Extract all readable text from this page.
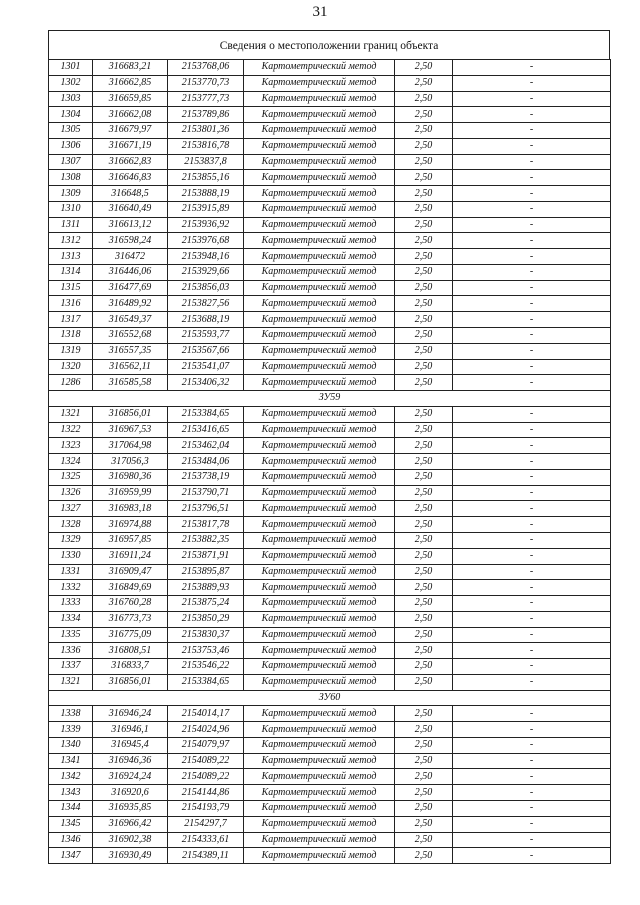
31
Сведения о местоположении границ объекта
1301	316683,21	2153768,06	Картометрический метод	2,50	-
1302	316662,85	2153770,73	Картометрический метод	2,50	-
1303	316659,85	2153777,73	Картометрический метод	2,50	-
1304	316662,08	2153789,86	Картометрический метод	2,50	-
1305	316679,97	2153801,36	Картометрический метод	2,50	-
1306	316671,19	2153816,78	Картометрический метод	2,50	-
1307	316662,83	2153837,8	Картометрический метод	2,50	-
1308	316646,83	2153855,16	Картометрический метод	2,50	-
1309	316648,5	2153888,19	Картометрический метод	2,50	-
1310	316640,49	2153915,89	Картометрический метод	2,50	-
1311	316613,12	2153936,92	Картометрический метод	2,50	-
1312	316598,24	2153976,68	Картометрический метод	2,50	-
1313	316472	2153948,16	Картометрический метод	2,50	-
1314	316446,06	2153929,66	Картометрический метод	2,50	-
1315	316477,69	2153856,03	Картометрический метод	2,50	-
1316	316489,92	2153827,56	Картометрический метод	2,50	-
1317	316549,37	2153688,19	Картометрический метод	2,50	-
1318	316552,68	2153593,77	Картометрический метод	2,50	-
1319	316557,35	2153567,66	Картометрический метод	2,50	-
1320	316562,11	2153541,07	Картометрический метод	2,50	-
1286	316585,58	2153406,32	Картометрический метод	2,50	-
ЗУ59					
1321	316856,01	2153384,65	Картометрический метод	2,50	-
1322	316967,53	2153416,65	Картометрический метод	2,50	-
1323	317064,98	2153462,04	Картометрический метод	2,50	-
1324	317056,3	2153484,06	Картометрический метод	2,50	-
1325	316980,36	2153738,19	Картометрический метод	2,50	-
1326	316959,99	2153790,71	Картометрический метод	2,50	-
1327	316983,18	2153796,51	Картометрический метод	2,50	-
1328	316974,88	2153817,78	Картометрический метод	2,50	-
1329	316957,85	2153882,35	Картометрический метод	2,50	-
1330	316911,24	2153871,91	Картометрический метод	2,50	-
1331	316909,47	2153895,87	Картометрический метод	2,50	-
1332	316849,69	2153889,93	Картометрический метод	2,50	-
1333	316760,28	2153875,24	Картометрический метод	2,50	-
1334	316773,73	2153850,29	Картометрический метод	2,50	-
1335	316775,09	2153830,37	Картометрический метод	2,50	-
1336	316808,51	2153753,46	Картометрический метод	2,50	-
1337	316833,7	2153546,22	Картометрический метод	2,50	-
1321	316856,01	2153384,65	Картометрический метод	2,50	-
ЗУ60					
1338	316946,24	2154014,17	Картометрический метод	2,50	-
1339	316946,1	2154024,96	Картометрический метод	2,50	-
1340	316945,4	2154079,97	Картометрический метод	2,50	-
1341	316946,36	2154089,22	Картометрический метод	2,50	-
1342	316924,24	2154089,22	Картометрический метод	2,50	-
1343	316920,6	2154144,86	Картометрический метод	2,50	-
1344	316935,85	2154193,79	Картометрический метод	2,50	-
1345	316966,42	2154297,7	Картометрический метод	2,50	-
1346	316902,38	2154333,61	Картометрический метод	2,50	-
1347	316930,49	2154389,11	Картометрический метод	2,50	-
